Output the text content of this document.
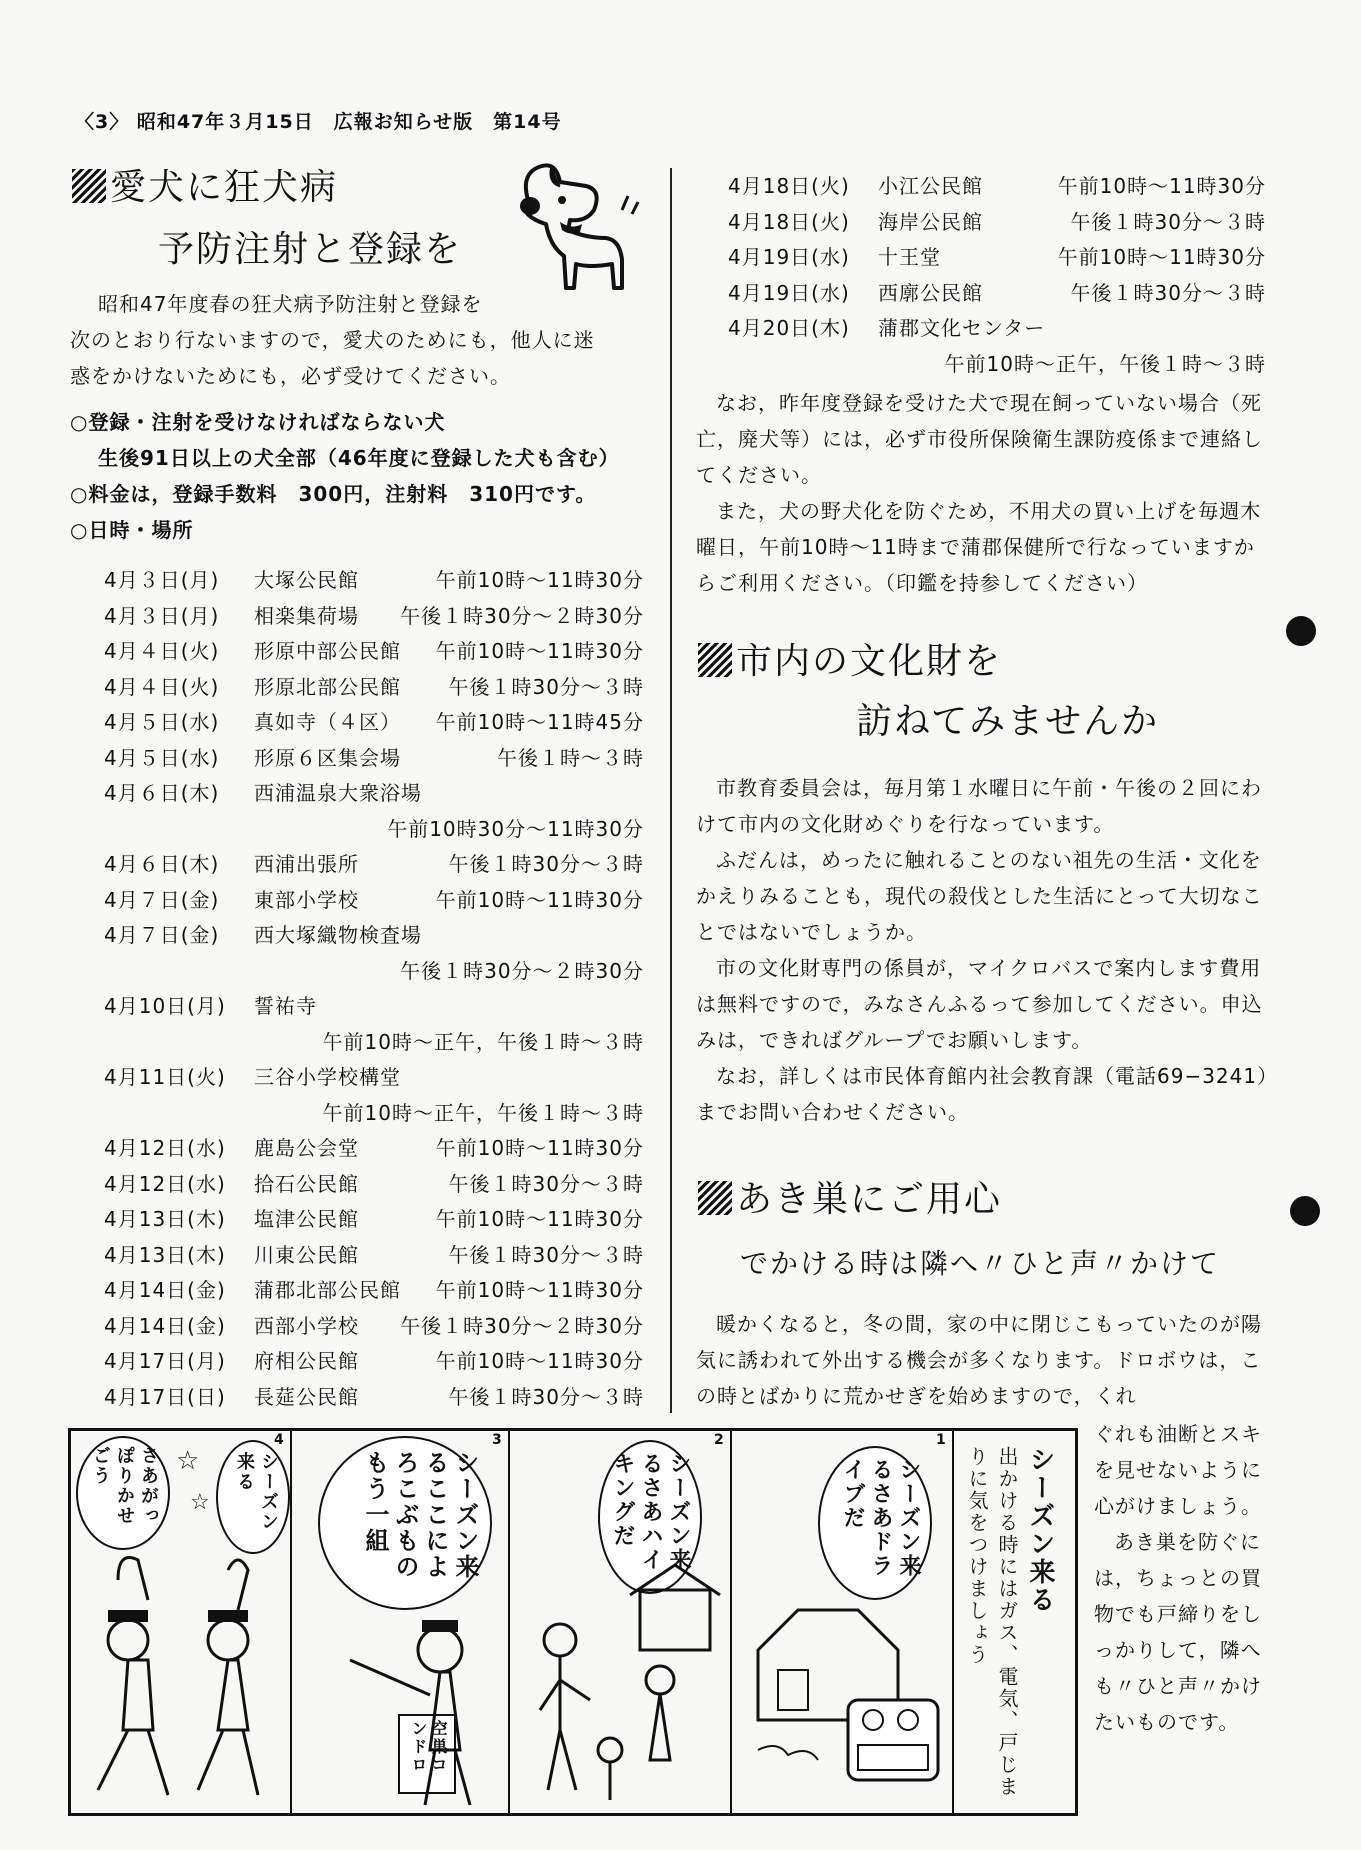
〈3〉 昭和47年３月15日　広報お知らせ版　第14号
愛犬に狂犬病
予防注射と登録を
昭和47年度春の狂犬病予防注射と登録を
次のとおり行ないますので，愛犬のためにも，他人に迷
惑をかけないためにも，必ず受けてください。
○登録・注射を受けなければならない犬
生後91日以上の犬全部（46年度に登録した犬も含む）
○料金は，登録手数料　300円，注射料　310円です。
○日時・場所
4月３日(月) 大塚公民館	午前10時〜11時30分
4月３日(月) 相楽集荷場 午後１時30分〜２時30分
4月４日(火) 形原中部公民館 午前10時〜11時30分
4月４日(火) 形原北部公民館 午後１時30分〜３時
4月５日(水) 真如寺（４区） 午前10時〜11時45分
4月５日(水) 形原６区集会場	午後１時〜３時
4月６日(木) 西浦温泉大衆浴場
午前10時30分〜11時30分
4月６日(木) 西浦出張所	午後１時30分〜３時
4月７日(金) 東部小学校	午前10時〜11時30分
4月７日(金) 西大塚織物検査場
午後１時30分〜２時30分
4月10日(月) 誓祐寺
午前10時〜正午，午後１時〜３時
4月11日(火) 三谷小学校構堂
午前10時〜正午，午後１時〜３時
4月12日(水) 鹿島公会堂	午前10時〜11時30分
4月12日(水) 拾石公民館	午後１時30分〜３時
4月13日(木) 塩津公民館	午前10時〜11時30分
4月13日(木) 川東公民館	午後１時30分〜３時
4月14日(金) 蒲郡北部公民館 午前10時〜11時30分
4月14日(金) 西部小学校 午後１時30分〜２時30分
4月17日(月) 府相公民館	午前10時〜11時30分
4月17日(日) 長莚公民館	午後１時30分〜３時
4月18日(火) 小江公民館	午前10時〜11時30分
4月18日(火) 海岸公民館	午後１時30分〜３時
4月19日(水) 十王堂	午前10時〜11時30分
4月19日(水) 西廓公民館	午後１時30分〜３時
4月20日(木) 蒲郡文化センター
午前10時〜正午，午後１時〜３時

なお，昨年度登録を受けた犬で現在飼っていない場合（死亡，廃犬等）には，必ず市役所保険衛生課防疫係まで連絡してください。

また，犬の野犬化を防ぐため，不用犬の買い上げを毎週木曜日，午前10時〜11時まで蒲郡保健所で行なっていますからご利用ください。（印鑑を持参してください）

市内の文化財を
訪ねてみませんか

市教育委員会は，毎月第１水曜日に午前・午後の２回にわけて市内の文化財めぐりを行なっています。

ふだんは，めったに触れることのない祖先の生活・文化をかえりみることも，現代の殺伐とした生活にとって大切なことではないでしょうか。

市の文化財専門の係員が，マイクロバスで案内します費用は無料ですので，みなさんふるって参加してください。申込みは，できればグループでお願いします。

なお，詳しくは市民体育館内社会教育課（電話69−3241）までお問い合わせください。

あき巣にご用心
でかける時は隣へ〃ひと声〃かけて

暖かくなると，冬の間，家の中に閉じこもっていたのが陽気に誘われて外出する機会が多くなります。ドロボウは，この時とばかりに荒かせぎを始めますので，くれ

1
2
3
4
シーズン来る
出かける時にはガス、電気、戸じまりに気をつけましょう
シーズン来るさあドライブだ
シーズン来るさあハイキングだ
シーズン来るここによろこぶものもう一組
空巣コンドロ
さあがっぽりかせごう	シーズン来る
☆
☆

ぐれも油断とスキを見せないように心がけましょう。

あき巣を防ぐには，ちょっとの買物でも戸締りをしっかりして，隣へも〃ひと声〃かけたいものです。
